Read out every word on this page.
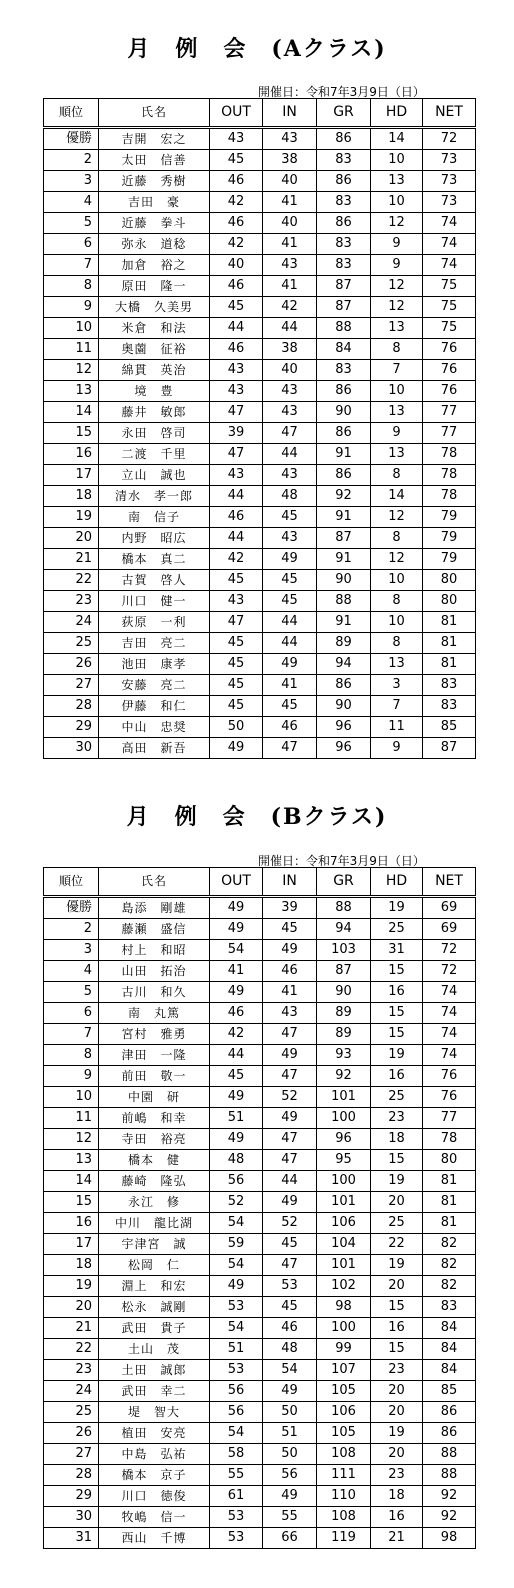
月　例　会　(Aクラス)
開催日：令和7年3月9日（日）
順位	氏名	OUT	IN	GR	HD	NET
優勝	吉開　宏之	43	43	86	14	72
2	太田　信善	45	38	83	10	73
3	近藤　秀樹	46	40	86	13	73
4	吉田　豪	42	41	83	10	73
5	近藤　拳斗	46	40	86	12	74
6	弥永　道稔	42	41	83	9	74
7	加倉　裕之	40	43	83	9	74
8	原田　隆一	46	41	87	12	75
9	大橋　久美男	45	42	87	12	75
10	米倉　和法	44	44	88	13	75
11	奥薗　征裕	46	38	84	8	76
12	綿貫　英治	43	40	83	7	76
13	境　豊	43	43	86	10	76
14	藤井　敏郎	47	43	90	13	77
15	永田　啓司	39	47	86	9	77
16	二渡　千里	47	44	91	13	78
17	立山　誠也	43	43	86	8	78
18	清水　孝一郎	44	48	92	14	78
19	南　信子	46	45	91	12	79
20	内野　昭広	44	43	87	8	79
21	橋本　真二	42	49	91	12	79
22	古賀　啓人	45	45	90	10	80
23	川口　健一	43	45	88	8	80
24	荻原　一利	47	44	91	10	81
25	吉田　亮二	45	44	89	8	81
26	池田　康孝	45	49	94	13	81
27	安藤　亮二	45	41	86	3	83
28	伊藤　和仁	45	45	90	7	83
29	中山　忠奨	50	46	96	11	85
30	高田　新吾	49	47	96	9	87
月　例　会　(Bクラス)
開催日：令和7年3月9日（日）
順位	氏名	OUT	IN	GR	HD	NET
優勝	島添　剛雄	49	39	88	19	69
2	藤瀬　盛信	49	45	94	25	69
3	村上　和昭	54	49	103	31	72
4	山田　拓治	41	46	87	15	72
5	古川　和久	49	41	90	16	74
6	南　丸篤	46	43	89	15	74
7	宮村　雅勇	42	47	89	15	74
8	津田　一隆	44	49	93	19	74
9	前田　敬一	45	47	92	16	76
10	中園　研	49	52	101	25	76
11	前嶋　和幸	51	49	100	23	77
12	寺田　裕亮	49	47	96	18	78
13	橋本　健	48	47	95	15	80
14	藤崎　隆弘	56	44	100	19	81
15	永江　修	52	49	101	20	81
16	中川　龍比湖	54	52	106	25	81
17	宇津宮　誠	59	45	104	22	82
18	松岡　仁	54	47	101	19	82
19	淵上　和宏	49	53	102	20	82
20	松永　誠剛	53	45	98	15	83
21	武田　貴子	54	46	100	16	84
22	土山　茂	51	48	99	15	84
23	土田　誠郎	53	54	107	23	84
24	武田　幸二	56	49	105	20	85
25	堤　智大	56	50	106	20	86
26	植田　安亮	54	51	105	19	86
27	中島　弘祐	58	50	108	20	88
28	橋本　京子	55	56	111	23	88
29	川口　徳俊	61	49	110	18	92
30	牧嶋　信一	53	55	108	16	92
31	西山　千博	53	66	119	21	98
